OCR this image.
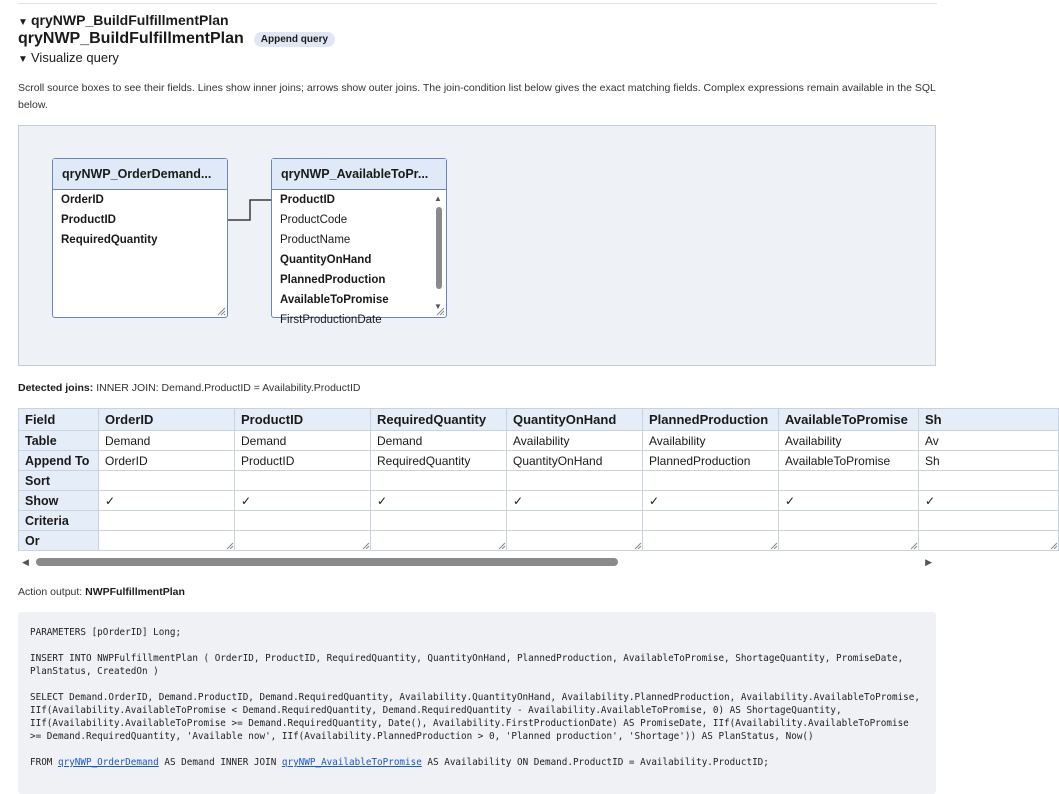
▼ qryNWP_BuildFulfillmentPlan
qryNWP_BuildFulfillmentPlan	Append query
▼ Visualize query
Scroll source boxes to see their fields. Lines show inner joins; arrows show outer joins. The join-condition list below gives the exact matching fields. Complex expressions remain available in the SQL below.
qryNWP_OrderDemand...
OrderID
ProductID
RequiredQuantity
qryNWP_AvailableToPr...
ProductID
ProductCode
ProductName
QuantityOnHand
PlannedProduction
AvailableToPromise
FirstProductionDate
▲
▼
Detected joins: INNER JOIN: Demand.ProductID = Availability.ProductID
Field	OrderID	ProductID	RequiredQuantity	QuantityOnHand	PlannedProduction	AvailableToPromise	Sh
Table	Demand	Demand	Demand	Availability	Availability	Availability	Av
Append To	OrderID	ProductID	RequiredQuantity	QuantityOnHand	PlannedProduction	AvailableToPromise	Sh
Sort							
Show	✓	✓	✓	✓	✓	✓	✓
Criteria							
Or	

◀	▶
Action output: NWPFulfillmentPlan

PARAMETERS [pOrderID] Long;

INSERT INTO NWPFulfillmentPlan ( OrderID, ProductID, RequiredQuantity, QuantityOnHand, PlannedProduction, AvailableToPromise, ShortageQuantity, PromiseDate, PlanStatus, CreatedOn )

SELECT Demand.OrderID, Demand.ProductID, Demand.RequiredQuantity, Availability.QuantityOnHand, Availability.PlannedProduction, Availability.AvailableToPromise, IIf(Availability.AvailableToPromise < Demand.RequiredQuantity, Demand.RequiredQuantity - Availability.AvailableToPromise, 0) AS ShortageQuantity, IIf(Availability.AvailableToPromise >= Demand.RequiredQuantity, Date(), Availability.FirstProductionDate) AS PromiseDate, IIf(Availability.AvailableToPromise >= Demand.RequiredQuantity, 'Available now', IIf(Availability.PlannedProduction > 0, 'Planned production', 'Shortage')) AS PlanStatus, Now()

FROM qryNWP_OrderDemand AS Demand INNER JOIN qryNWP_AvailableToPromise AS Availability ON Demand.ProductID = Availability.ProductID;
